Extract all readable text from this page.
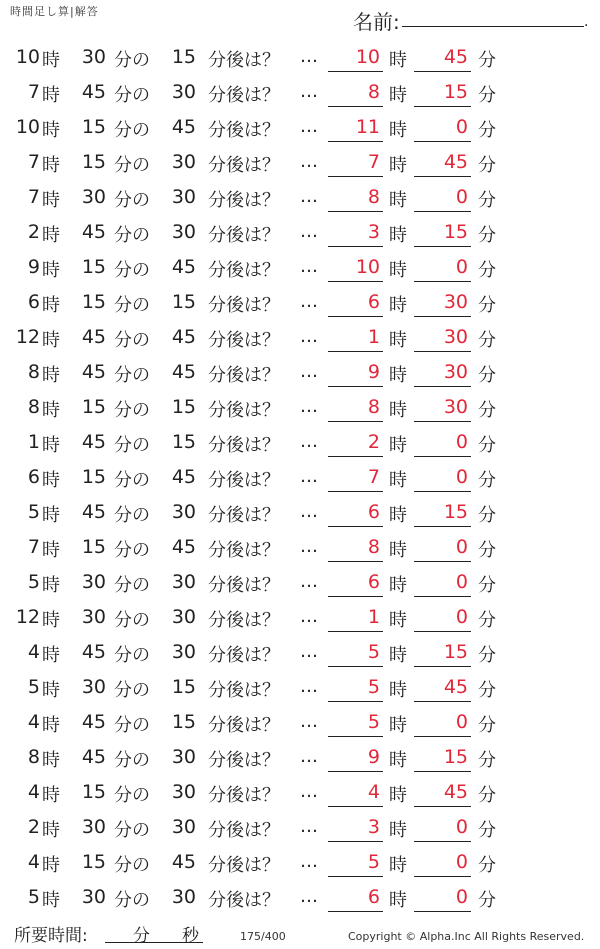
時間足し算|解答	名前:	.
10 時	30 分の	15 分後は？ …	10 時	45 分
7 時	45 分の	30 分後は？ …	8 時	15 分
10 時	15 分の	45 分後は？ …	11 時	0 分
7 時	15 分の	30 分後は？ …	7 時	45 分
7 時	30 分の	30 分後は？ …	8 時	0 分
2 時	45 分の	30 分後は？ …	3 時	15 分
9 時	15 分の	45 分後は？ …	10 時	0 分
6 時	15 分の	15 分後は？ …	6 時	30 分
12 時	45 分の	45 分後は？ …	1 時	30 分
8 時	45 分の	45 分後は？ …	9 時	30 分
8 時	15 分の	15 分後は？ …	8 時	30 分
1 時	45 分の	15 分後は？ …	2 時	0 分
6 時	15 分の	45 分後は？ …	7 時	0 分
5 時	45 分の	30 分後は？ …	6 時	15 分
7 時	15 分の	45 分後は？ …	8 時	0 分
5 時	30 分の	30 分後は？ …	6 時	0 分
12 時	30 分の	30 分後は？ …	1 時	0 分
4 時	45 分の	30 分後は？ …	5 時	15 分
5 時	30 分の	15 分後は？ …	5 時	45 分
4 時	45 分の	15 分後は？ …	5 時	0 分
8 時	45 分の	30 分後は？ …	9 時	15 分
4 時	15 分の	30 分後は？ …	4 時	45 分
2 時	30 分の	30 分後は？ …	3 時	0 分
4 時	15 分の	45 分後は？ …	5 時	0 分
5 時	30 分の	30 分後は？ …	6 時	0 分
所要時間:	分 秒	175/400	Copyright © Alpha.Inc All Rights Reserved.
